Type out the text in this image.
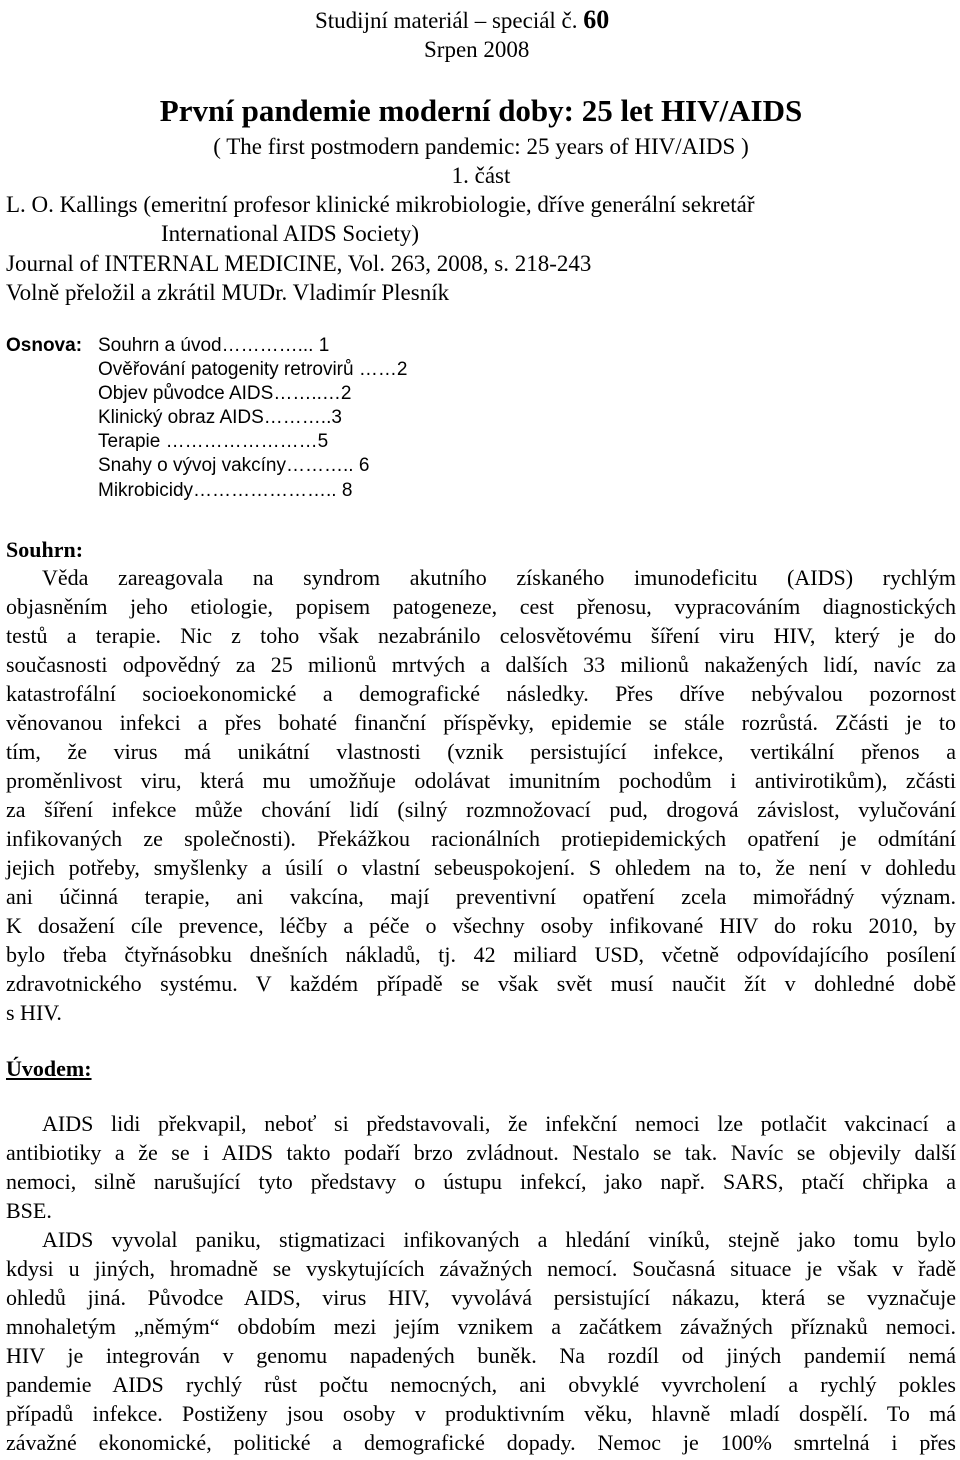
Studijní materiál – speciál č. 60
Srpen 2008
První pandemie moderní doby: 25 let HIV/AIDS
( The first postmodern pandemic: 25 years of HIV/AIDS )
1. část
L. O. Kallings (emeritní profesor klinické mikrobiologie, dříve generální sekretář
International AIDS Society)
Journal of INTERNAL MEDICINE, Vol. 263, 2008, s. 218-243
Volně přeložil a zkrátil MUDr. Vladimír Plesník
Osnova: Souhrn a úvod…………... 1
Ověřování patogenity retrovirů ……2
Objev původce AIDS……..…2
Klinický obraz AIDS………..3
Terapie ……………………5
Snahy o vývoj vakcíny……….. 6
Mikrobicidy………………….. 8
Souhrn:
Věda zareagovala na syndrom akutního získaného imunodeficitu (AIDS) rychlým
objasněním jeho etiologie, popisem patogeneze, cest přenosu, vypracováním diagnostických
testů a terapie. Nic z toho však nezabránilo celosvětovému šíření viru HIV, který je do
současnosti odpovědný za 25 milionů mrtvých a dalších 33 milionů nakažených lidí, navíc za
katastrofální socioekonomické a demografické následky. Přes dříve nebývalou pozornost
věnovanou infekci a přes bohaté finanční příspěvky, epidemie se stále rozrůstá. Zčásti je to
tím, že virus má unikátní vlastnosti (vznik persistující infekce, vertikální přenos a
proměnlivost viru, která mu umožňuje odolávat imunitním pochodům i antivirotikům), zčásti
za šíření infekce může chování lidí (silný rozmnožovací pud, drogová závislost, vylučování
infikovaných ze společnosti). Překážkou racionálních protiepidemických opatření je odmítání
jejich potřeby, smyšlenky a úsilí o vlastní sebeuspokojení. S ohledem na to, že není v dohledu
ani účinná terapie, ani vakcína, mají preventivní opatření zcela mimořádný význam.
K dosažení cíle prevence, léčby a péče o všechny osoby infikované HIV do roku 2010, by
bylo třeba čtyřnásobku dnešních nákladů, tj. 42 miliard USD, včetně odpovídajícího posílení
zdravotnického systému. V každém případě se však svět musí naučit žít v dohledné době
s HIV.
Úvodem:
AIDS lidi překvapil, neboť si představovali, že infekční nemoci lze potlačit vakcinací a
antibiotiky a že se i AIDS takto podaří brzo zvládnout. Nestalo se tak. Navíc se objevily další
nemoci, silně narušující tyto představy o ústupu infekcí, jako např. SARS, ptačí chřipka a
BSE.
AIDS vyvolal paniku, stigmatizaci infikovaných a hledání viníků, stejně jako tomu bylo
kdysi u jiných, hromadně se vyskytujících závažných nemocí. Současná situace je však v řadě
ohledů jiná. Původce AIDS, virus HIV, vyvolává persistující nákazu, která se vyznačuje
mnohaletým „němým“ obdobím mezi jejím vznikem a začátkem závažných příznaků nemoci.
HIV je integrován v genomu napadených buněk. Na rozdíl od jiných pandemií nemá
pandemie AIDS rychlý růst počtu nemocných, ani obvyklé vyvrcholení a rychlý pokles
případů infekce. Postiženy jsou osoby v produktivním věku, hlavně mladí dospělí. To má
závažné ekonomické, politické a demografické dopady. Nemoc je 100% smrtelná i přes
